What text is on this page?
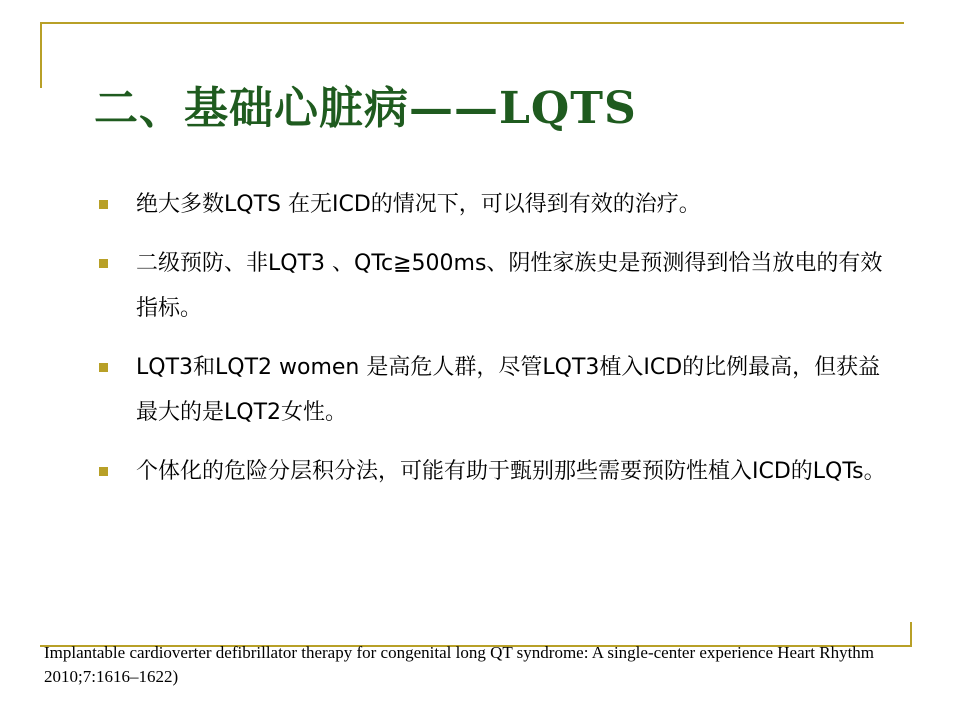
二、基础心脏病——LQTS
绝大多数LQTS 在无ICD的情况下，可以得到有效的治疗。
二级预防、非LQT3 、QTc≧500ms、阴性家族史是预测得到恰当放电的有效指标。
LQT3和LQT2 women 是高危人群，尽管LQT3植入ICD的比例最高，但获益最大的是LQT2女性。
个体化的危险分层积分法，可能有助于甄别那些需要预防性植入ICD的LQTs。

Implantable cardioverter defibrillator therapy for congenital long QT syndrome: A single-center experience Heart Rhythm 2010;7:1616–1622)
